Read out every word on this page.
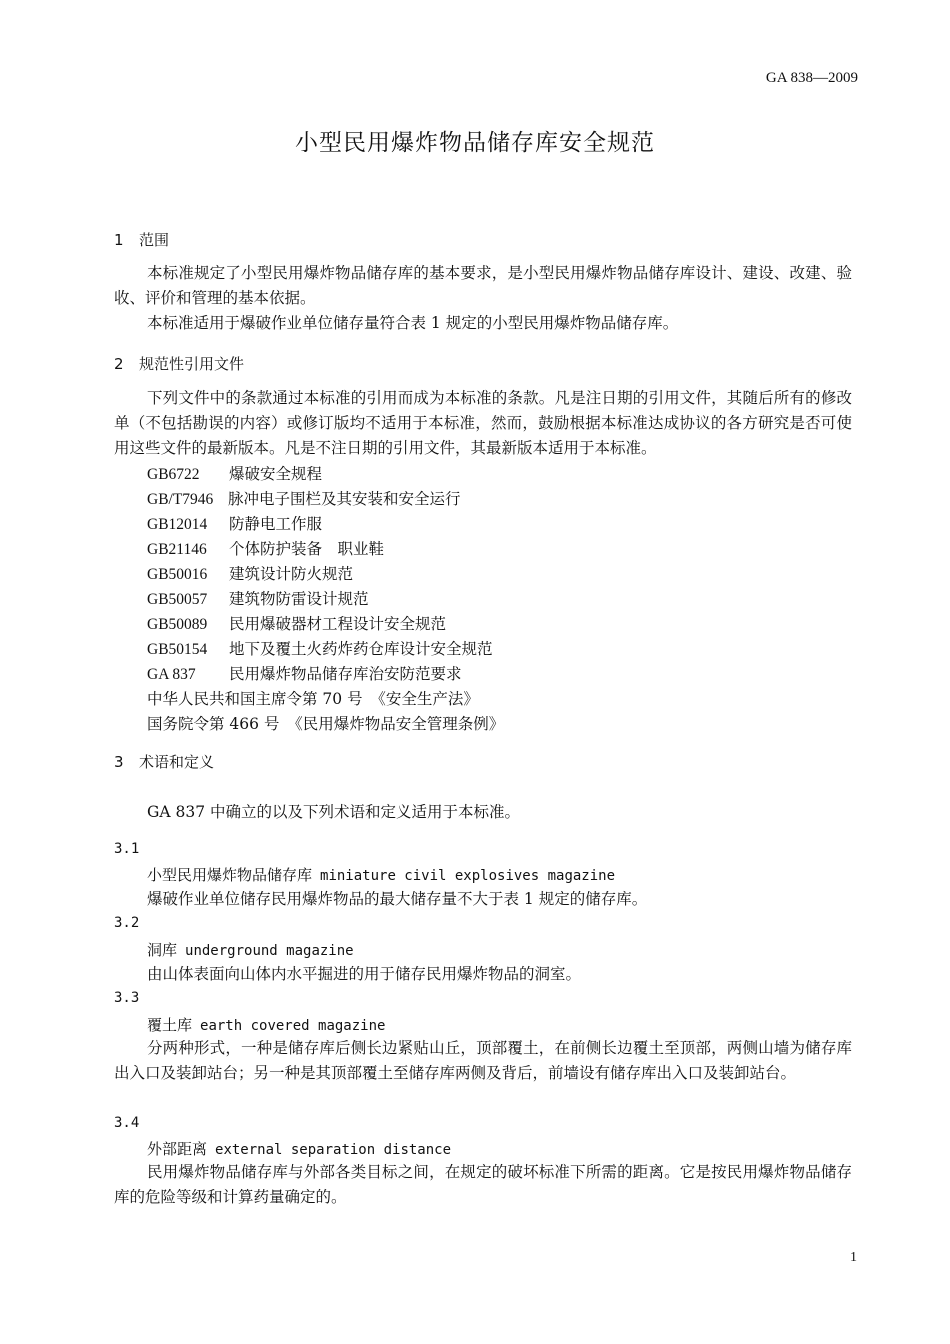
GA 838—2009
小型民用爆炸物品储存库安全规范
1 范围
本标准规定了小型民用爆炸物品储存库的基本要求，是小型民用爆炸物品储存库设计、建设、改建、验收、评价和管理的基本依据。
本标准适用于爆破作业单位储存量符合表 1 规定的小型民用爆炸物品储存库。
2 规范性引用文件
下列文件中的条款通过本标准的引用而成为本标准的条款。凡是注日期的引用文件，其随后所有的修改单（不包括勘误的内容）或修订版均不适用于本标准，然而，鼓励根据本标准达成协议的各方研究是否可使用这些文件的最新版本。凡是不注日期的引用文件，其最新版本适用于本标准。
GB6722 爆破安全规程
GB/T7946 脉冲电子围栏及其安装和安全运行
GB12014 防静电工作服
GB21146 个体防护装备　职业鞋
GB50016 建筑设计防火规范
GB50057 建筑物防雷设计规范
GB50089 民用爆破器材工程设计安全规范
GB50154 地下及覆土火药炸药仓库设计安全规范
GA 837 民用爆炸物品储存库治安防范要求
中华人民共和国主席令第 70 号　《安全生产法》
国务院令第 466 号　《民用爆炸物品安全管理条例》
3 术语和定义
GA 837 中确立的以及下列术语和定义适用于本标准。
3.1
小型民用爆炸物品储存库 miniature civil explosives magazine
爆破作业单位储存民用爆炸物品的最大储存量不大于表 1 规定的储存库。
3.2
洞库 underground magazine
由山体表面向山体内水平掘进的用于储存民用爆炸物品的洞室。
3.3
覆土库 earth covered magazine
分两种形式，一种是储存库后侧长边紧贴山丘，顶部覆土，在前侧长边覆土至顶部，两侧山墙为储存库出入口及装卸站台；另一种是其顶部覆土至储存库两侧及背后，前墙设有储存库出入口及装卸站台。
3.4
外部距离 external separation distance
民用爆炸物品储存库与外部各类目标之间，在规定的破坏标准下所需的距离。它是按民用爆炸物品储存库的危险等级和计算药量确定的。
1
